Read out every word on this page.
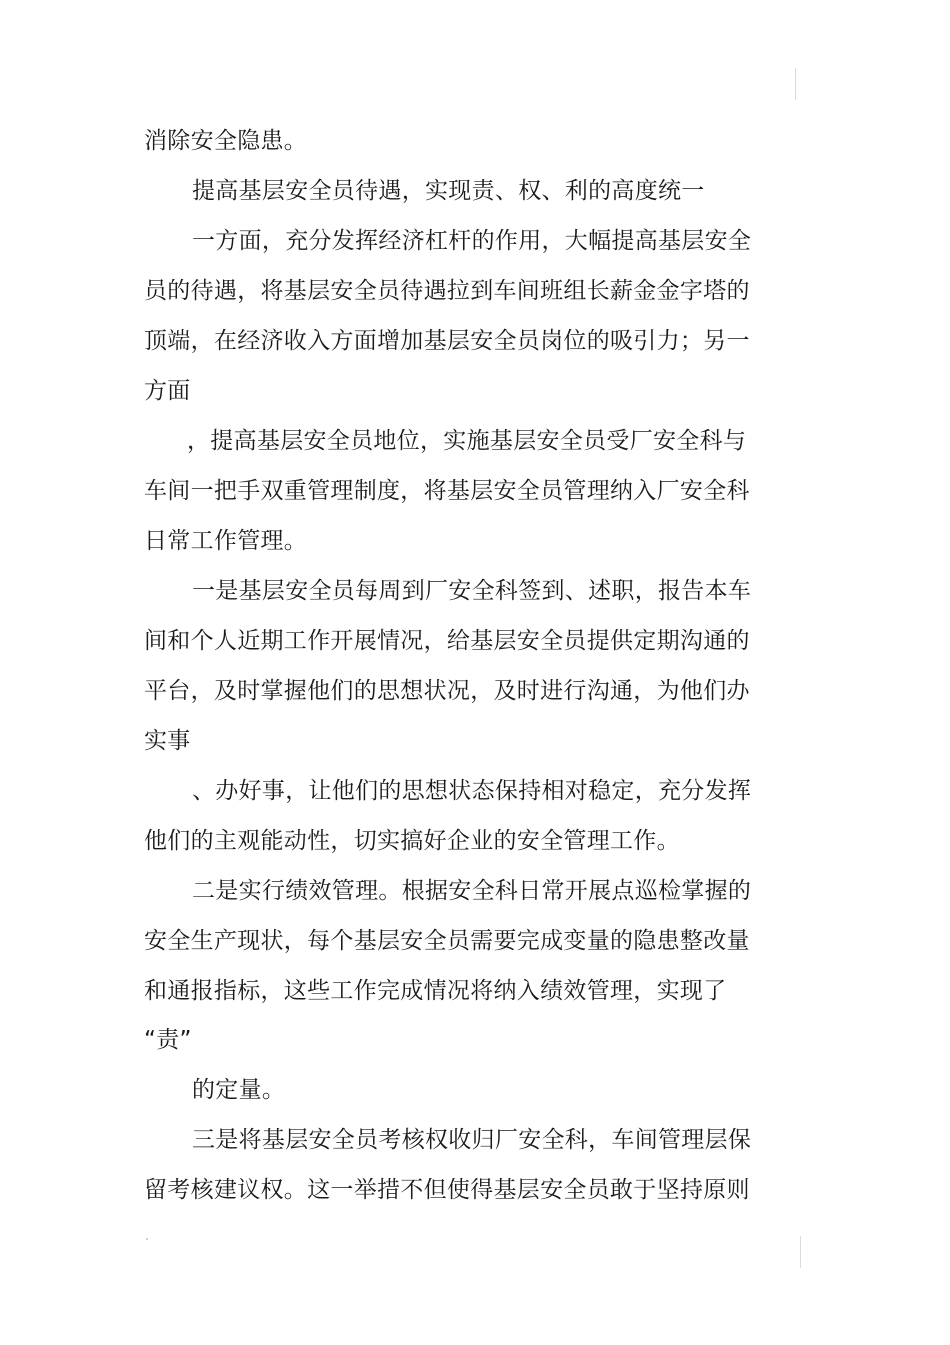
消除安全隐患。
提高基层安全员待遇，实现责、权、利的高度统一
一方面，充分发挥经济杠杆的作用，大幅提高基层安全
员的待遇，将基层安全员待遇拉到车间班组长薪金金字塔的
顶端，在经济收入方面增加基层安全员岗位的吸引力；另一
方面
，提高基层安全员地位，实施基层安全员受厂安全科与
车间一把手双重管理制度，将基层安全员管理纳入厂安全科
日常工作管理。
一是基层安全员每周到厂安全科签到、述职，报告本车
间和个人近期工作开展情况，给基层安全员提供定期沟通的
平台，及时掌握他们的思想状况，及时进行沟通，为他们办
实事
、办好事，让他们的思想状态保持相对稳定，充分发挥
他们的主观能动性，切实搞好企业的安全管理工作。
二是实行绩效管理。根据安全科日常开展点巡检掌握的
安全生产现状，每个基层安全员需要完成变量的隐患整改量
和通报指标，这些工作完成情况将纳入绩效管理，实现了
“责”
的定量。
三是将基层安全员考核权收归厂安全科，车间管理层保
留考核建议权。这一举措不但使得基层安全员敢于坚持原则
